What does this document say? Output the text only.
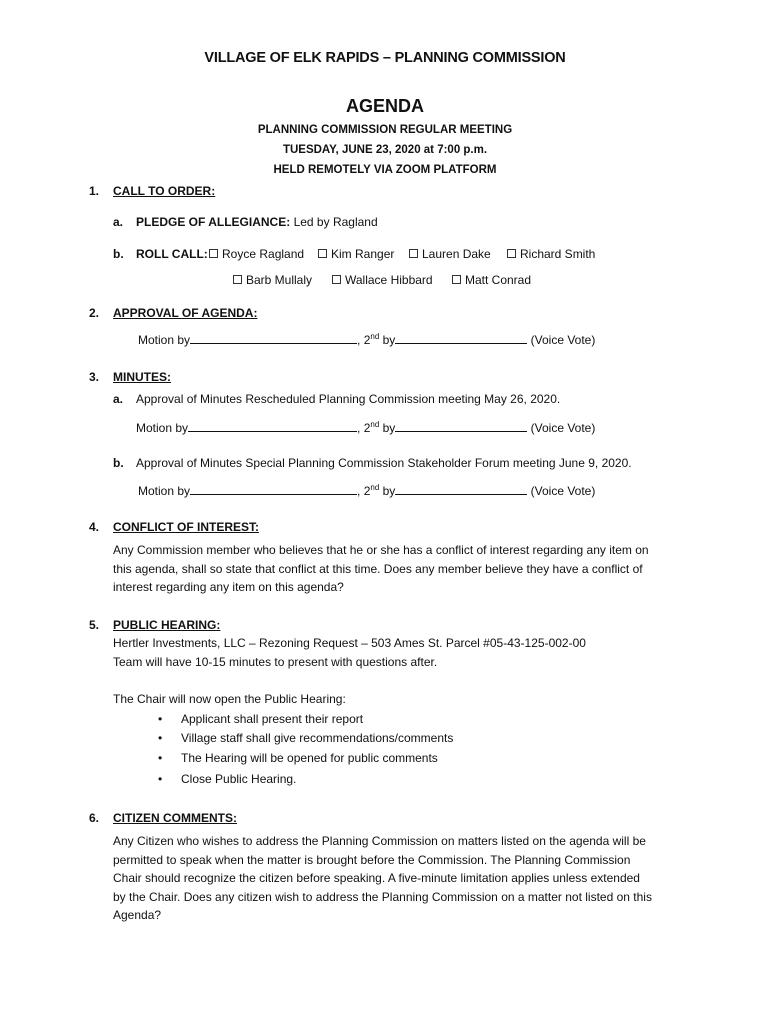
VILLAGE OF ELK RAPIDS – PLANNING COMMISSION
AGENDA
PLANNING COMMISSION REGULAR MEETING
TUESDAY, JUNE 23, 2020 at 7:00 p.m.
HELD REMOTELY VIA ZOOM PLATFORM
1. CALL TO ORDER:
a. PLEDGE OF ALLEGIANCE: Led by Ragland
b. ROLL CALL:	Royce Ragland	Kim Ranger	Lauren Dake	Richard Smith
Barb Mullaly	Wallace Hibbard	Matt Conrad
2. APPROVAL OF AGENDA:
Motion by	, 2nd by	(Voice Vote)
3. MINUTES:
a. Approval of Minutes Rescheduled Planning Commission meeting May 26, 2020.
Motion by	, 2nd by	(Voice Vote)
b. Approval of Minutes Special Planning Commission Stakeholder Forum meeting June 9, 2020.
Motion by	, 2nd by	(Voice Vote)
4. CONFLICT OF INTEREST:
Any Commission member who believes that he or she has a conflict of interest regarding any item on
this agenda, shall so state that conflict at this time. Does any member believe they have a conflict of
interest regarding any item on this agenda?
5. PUBLIC HEARING:
Hertler Investments, LLC – Rezoning Request – 503 Ames St. Parcel #05-43-125-002-00
Team will have 10-15 minutes to present with questions after.
The Chair will now open the Public Hearing:
• Applicant shall present their report
• Village staff shall give recommendations/comments
• The Hearing will be opened for public comments
• Close Public Hearing.
6. CITIZEN COMMENTS:
Any Citizen who wishes to address the Planning Commission on matters listed on the agenda will be
permitted to speak when the matter is brought before the Commission. The Planning Commission
Chair should recognize the citizen before speaking. A five-minute limitation applies unless extended
by the Chair. Does any citizen wish to address the Planning Commission on a matter not listed on this
Agenda?
